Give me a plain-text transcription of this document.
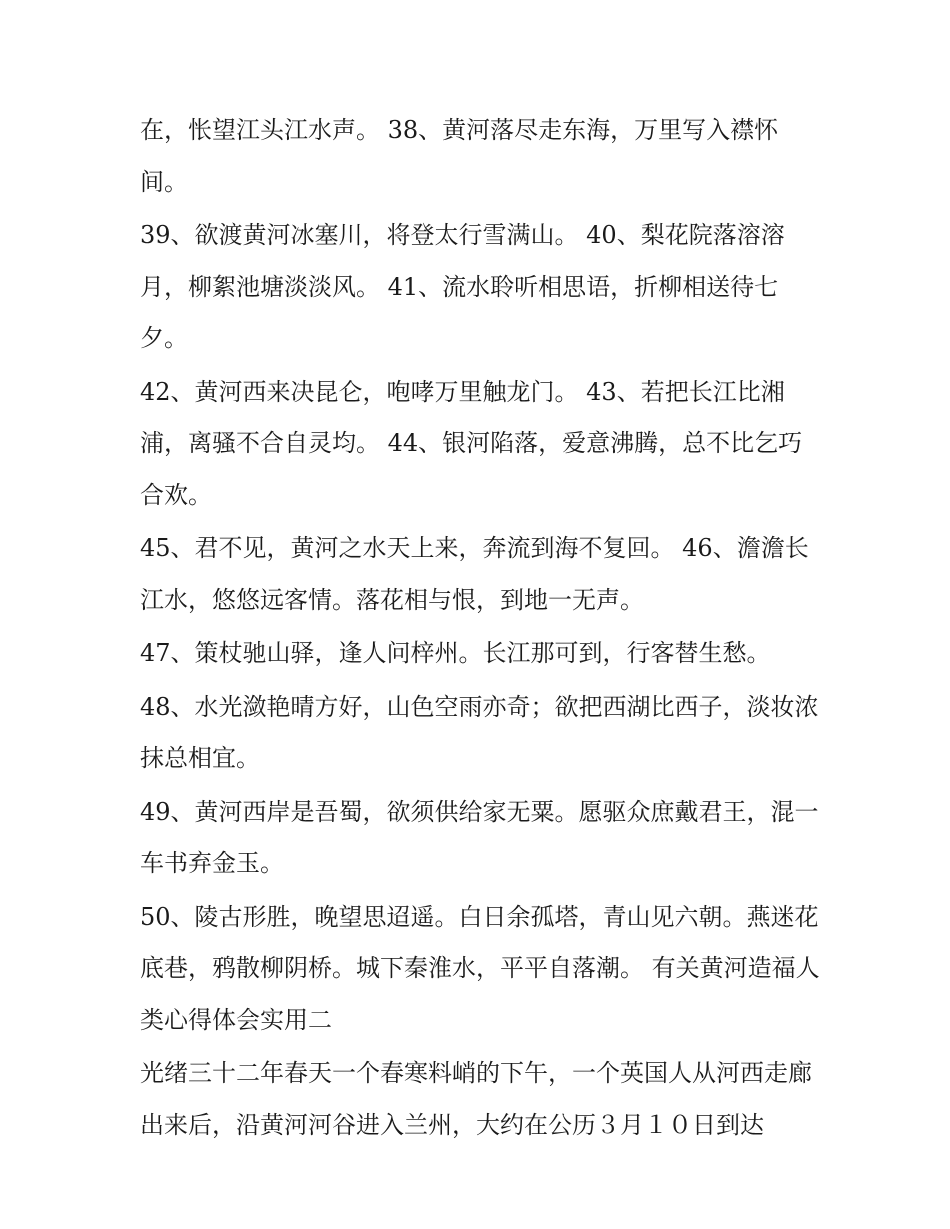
在，怅望江头江水声。 38、黄河落尽走东海，万里写入襟怀间。

39、欲渡黄河冰塞川，将登太行雪满山。 40、梨花院落溶溶月，柳絮池塘淡淡风。 41、流水聆听相思语，折柳相送待七夕。

42、黄河西来决昆仑，咆哮万里触龙门。 43、若把长江比湘浦，离骚不合自灵均。 44、银河陷落，爱意沸腾，总不比乞巧合欢。

45、君不见，黄河之水天上来，奔流到海不复回。 46、澹澹长江水，悠悠远客情。落花相与恨，到地一无声。

47、策杖驰山驿，逢人问梓州。长江那可到，行客替生愁。

48、水光潋艳晴方好，山色空雨亦奇；欲把西湖比西子，淡妆浓抹总相宜。

49、黄河西岸是吾蜀，欲须供给家无粟。愿驱众庶戴君王，混一车书弃金玉。

50、陵古形胜，晚望思迢遥。白日余孤塔，青山见六朝。燕迷花底巷，鸦散柳阴桥。城下秦淮水，平平自落潮。 有关黄河造福人类心得体会实用二

光绪三十二年春天一个春寒料峭的下午，一个英国人从河西走廊出来后，沿黄河河谷进入兰州，大约在公历３月１０日到达
